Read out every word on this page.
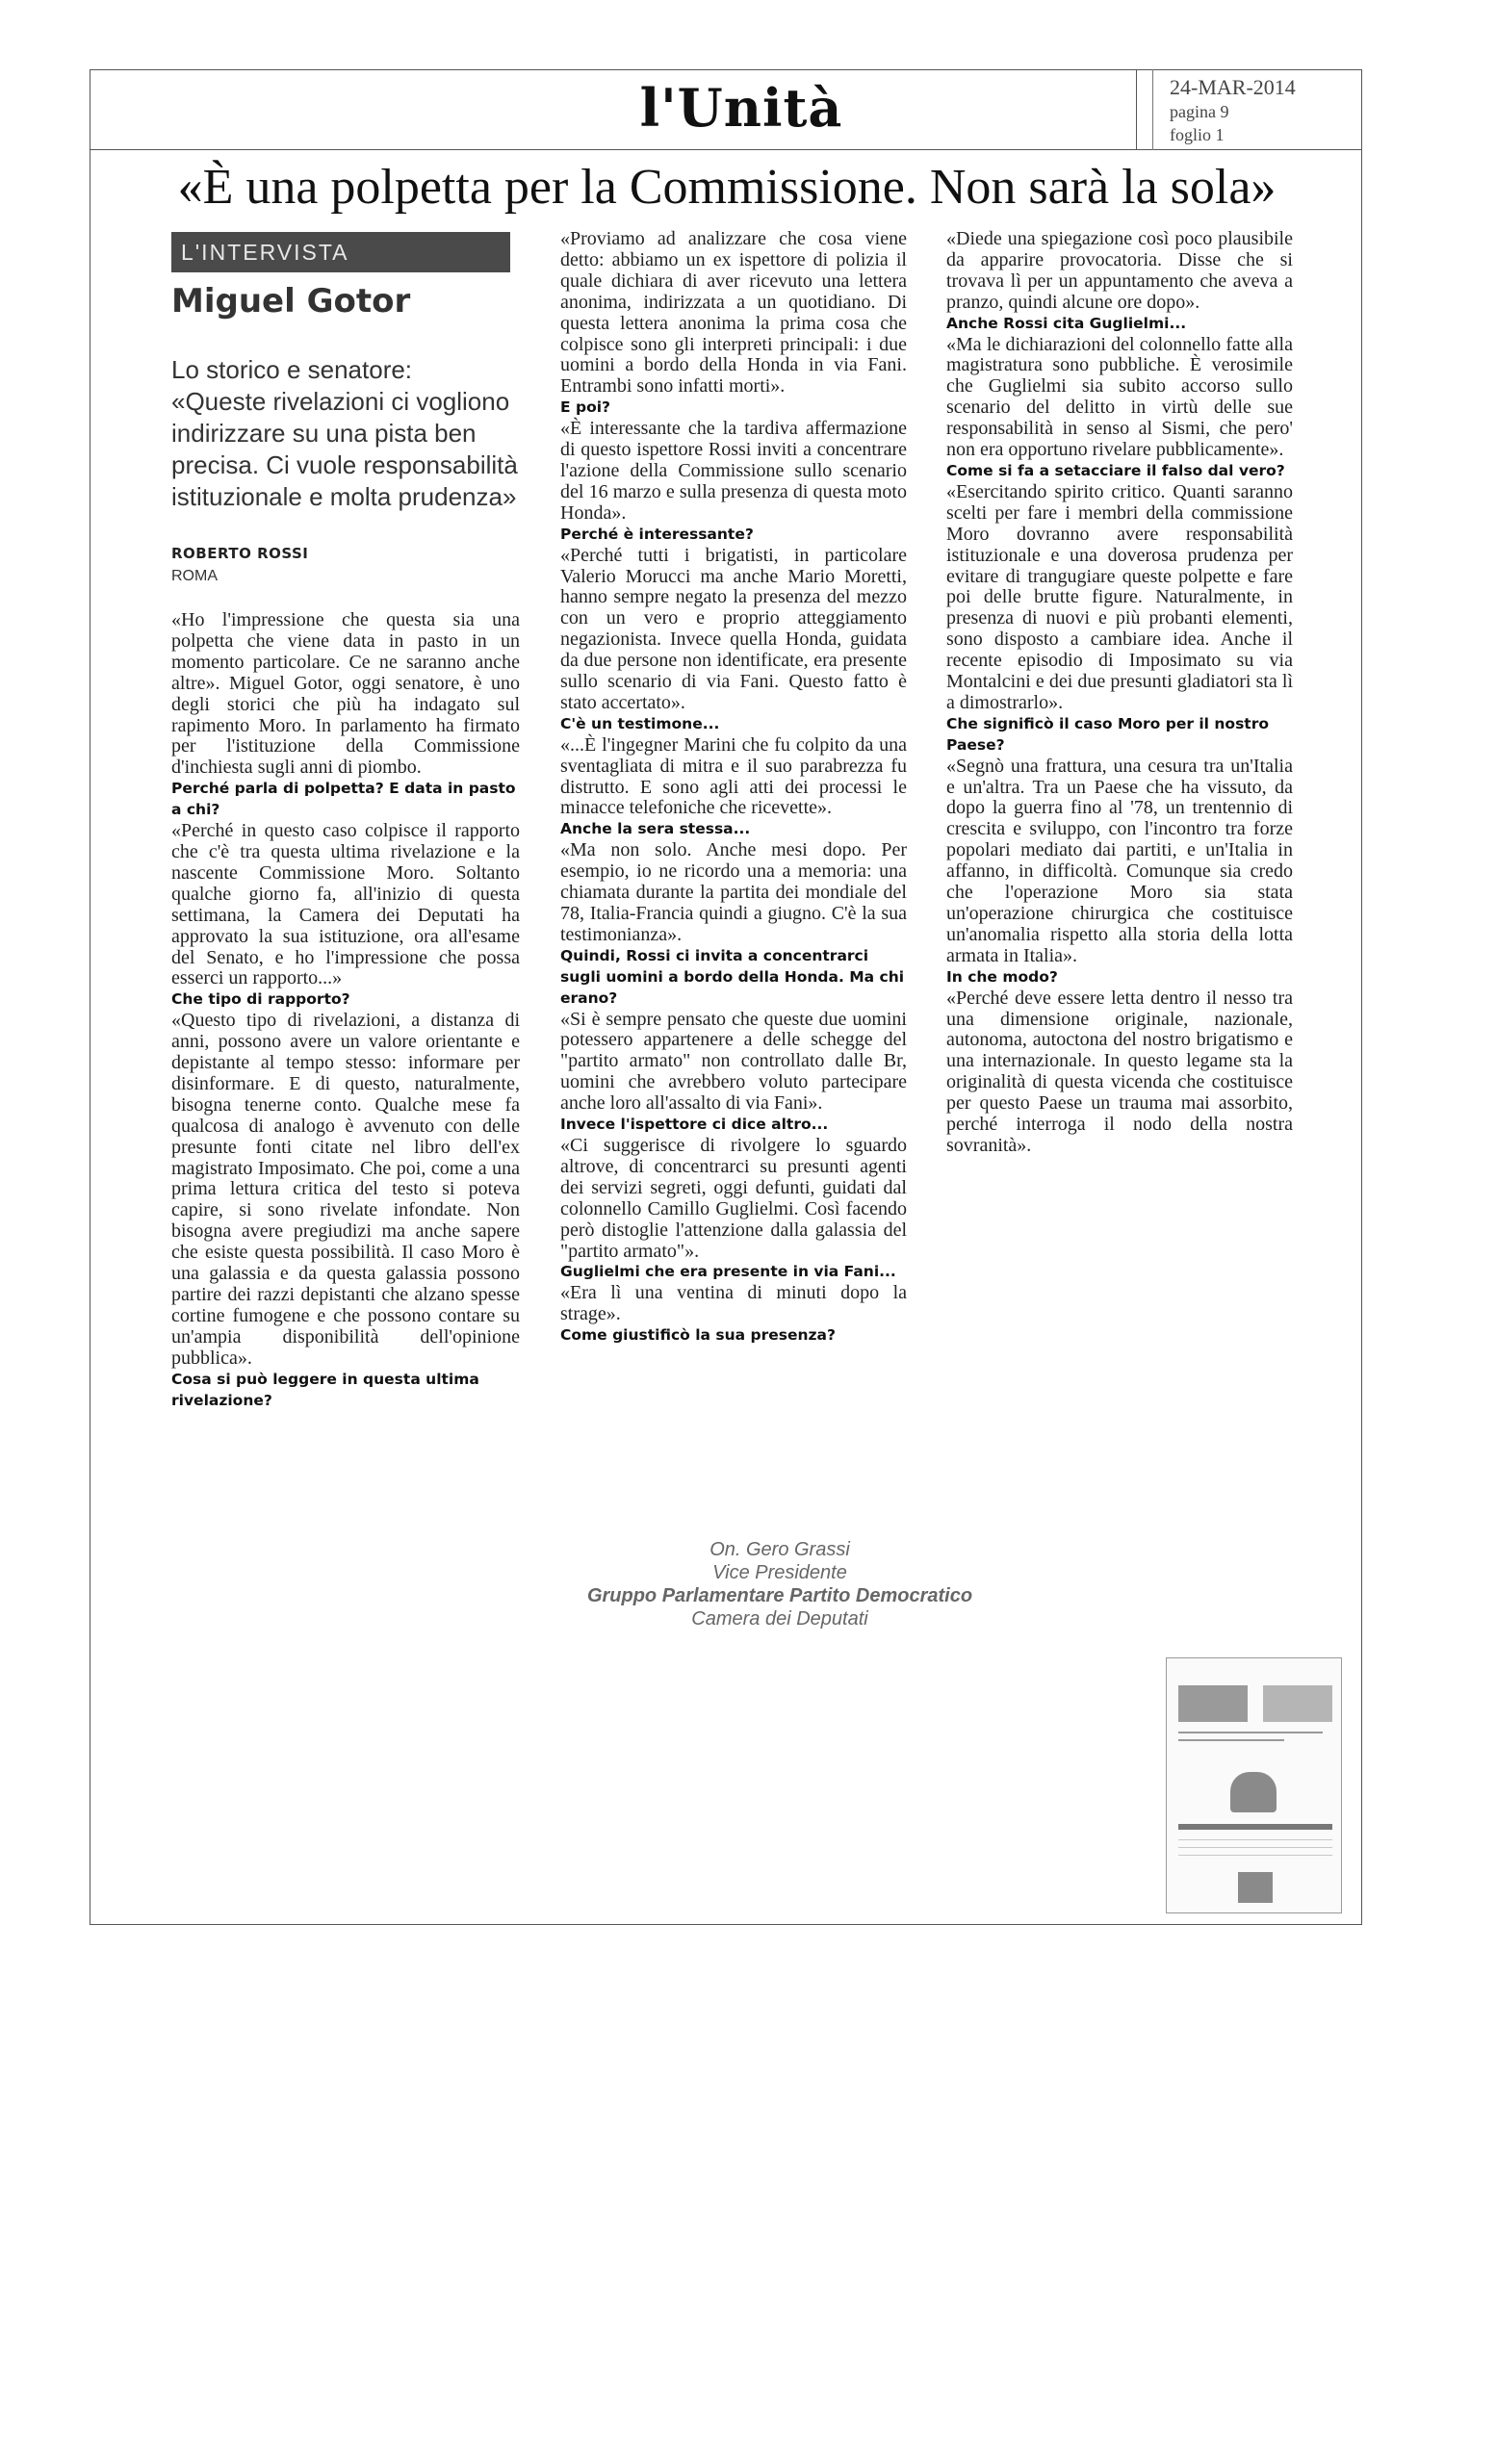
l'Unità	24-MAR-2014
pagina 9
foglio 1
«È una polpetta per la Commissione. Non sarà la sola»
L'INTERVISTA
Miguel Gotor
Lo storico e senatore:
«Queste rivelazioni ci vogliono indirizzare su una pista ben precisa. Ci vuole responsabilità istituzionale e molta prudenza»
ROBERTO ROSSI
ROMA

«Ho l'impressione che questa sia una polpetta che viene data in pasto in un momento particolare. Ce ne saranno anche altre». Miguel Gotor, oggi senatore, è uno degli storici che più ha indagato sul rapimento Moro. In parlamento ha firmato per l'istituzione della Commissione d'inchiesta sugli anni di piombo.

Perché parla di polpetta? E data in pasto a chi?

«Perché in questo caso colpisce il rapporto che c'è tra questa ultima rivelazione e la nascente Commissione Moro. Soltanto qualche giorno fa, all'inizio di questa settimana, la Camera dei Deputati ha approvato la sua istituzione, ora all'esame del Senato, e ho l'impressione che possa esserci un rapporto...»

Che tipo di rapporto?

«Questo tipo di rivelazioni, a distanza di anni, possono avere un valore orientante e depistante al tempo stesso: informare per disinformare. E di questo, naturalmente, bisogna tenerne conto. Qualche mese fa qualcosa di analogo è avvenuto con delle presunte fonti citate nel libro dell'ex magistrato Imposimato. Che poi, come a una prima lettura critica del testo si poteva capire, si sono rivelate infondate. Non bisogna avere pregiudizi ma anche sapere che esiste questa possibilità. Il caso Moro è una galassia e da questa galassia possono partire dei razzi depistanti che alzano spesse cortine fumogene e che possono contare su un'ampia disponibilità dell'opinione pubblica».

Cosa si può leggere in questa ultima rivelazione?

«Proviamo ad analizzare che cosa viene detto: abbiamo un ex ispettore di polizia il quale dichiara di aver ricevuto una lettera anonima, indirizzata a un quotidiano. Di questa lettera anonima la prima cosa che colpisce sono gli interpreti principali: i due uomini a bordo della Honda in via Fani. Entrambi sono infatti morti».

E poi?

«È interessante che la tardiva affermazione di questo ispettore Rossi inviti a concentrare l'azione della Commissione sullo scenario del 16 marzo e sulla presenza di questa moto Honda».

Perché è interessante?

«Perché tutti i brigatisti, in particolare Valerio Morucci ma anche Mario Moretti, hanno sempre negato la presenza del mezzo con un vero e proprio atteggiamento negazionista. Invece quella Honda, guidata da due persone non identificate, era presente sullo scenario di via Fani. Questo fatto è stato accertato».

C'è un testimone...

«...È l'ingegner Marini che fu colpito da una sventagliata di mitra e il suo parabrezza fu distrutto. E sono agli atti dei processi le minacce telefoniche che ricevette».

Anche la sera stessa...

«Ma non solo. Anche mesi dopo. Per esempio, io ne ricordo una a memoria: una chiamata durante la partita dei mondiale del 78, Italia-Francia quindi a giugno. C'è la sua testimonianza».

Quindi, Rossi ci invita a concentrarci sugli uomini a bordo della Honda. Ma chi erano?

«Si è sempre pensato che queste due uomini potessero appartenere a delle schegge del "partito armato" non controllato dalle Br, uomini che avrebbero voluto partecipare anche loro all'assalto di via Fani».

Invece l'ispettore ci dice altro...

«Ci suggerisce di rivolgere lo sguardo altrove, di concentrarci su presunti agenti dei servizi segreti, oggi defunti, guidati dal colonnello Camillo Guglielmi. Così facendo però distoglie l'attenzione dalla galassia del "partito armato"».

Guglielmi che era presente in via Fani...

«Era lì una ventina di minuti dopo la strage».

Come giustificò la sua presenza?

«Diede una spiegazione così poco plausibile da apparire provocatoria. Disse che si trovava lì per un appuntamento che aveva a pranzo, quindi alcune ore dopo».

Anche Rossi cita Guglielmi...

«Ma le dichiarazioni del colonnello fatte alla magistratura sono pubbliche. È verosimile che Guglielmi sia subito accorso sullo scenario del delitto in virtù delle sue responsabilità in senso al Sismi, che pero' non era opportuno rivelare pubblicamente».

Come si fa a setacciare il falso dal vero?

«Esercitando spirito critico. Quanti saranno scelti per fare i membri della commissione Moro dovranno avere responsabilità istituzionale e una doverosa prudenza per evitare di trangugiare queste polpette e fare poi delle brutte figure. Naturalmente, in presenza di nuovi e più probanti elementi, sono disposto a cambiare idea. Anche il recente episodio di Imposimato su via Montalcini e dei due presunti gladiatori sta lì a dimostrarlo».

Che significò il caso Moro per il nostro Paese?

«Segnò una frattura, una cesura tra un'Italia e un'altra. Tra un Paese che ha vissuto, da dopo la guerra fino al '78, un trentennio di crescita e sviluppo, con l'incontro tra forze popolari mediato dai partiti, e un'Italia in affanno, in difficoltà. Comunque sia credo che l'operazione Moro sia stata un'operazione chirurgica che costituisce un'anomalia rispetto alla storia della lotta armata in Italia».

In che modo?

«Perché deve essere letta dentro il nesso tra una dimensione originale, nazionale, autonoma, autoctona del nostro brigatismo e una internazionale. In questo legame sta la originalità di questa vicenda che costituisce per questo Paese un trauma mai assorbito, perché interroga il nodo della nostra sovranità».

On. Gero Grassi
Vice Presidente
Gruppo Parlamentare Partito Democratico
Camera dei Deputati
